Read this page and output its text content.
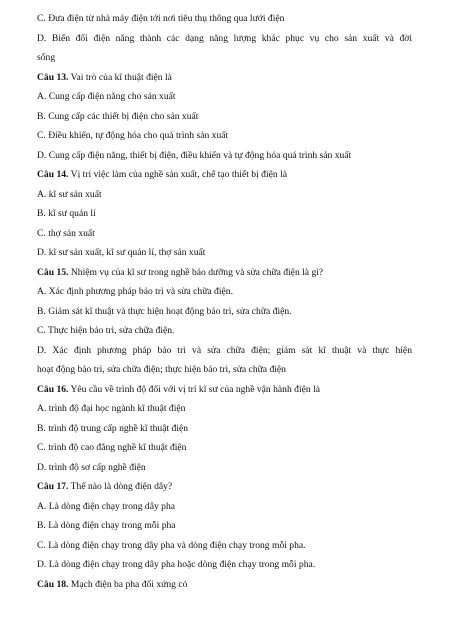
C. Đưa điện từ nhà máy điện tới nơi tiêu thụ thông qua lưới điện
D. Biến đổi điện năng thành các dạng năng lượng khác phục vụ cho sản xuất và đời
sống
Câu 13. Vai trò của kĩ thuật điện là
A. Cung cấp điện năng cho sản xuất
B. Cung cấp các thiết bị điện cho sản xuất
C. Điều khiển, tự động hóa cho quá trình sản xuất
D. Cung cấp điện năng, thiết bị điện, điều khiển và tự động hóa quá trình sản xuất
Câu 14. Vị trí việc làm của nghề sản xuất, chế tạo thiết bị điện là
A. kĩ sư sản xuất
B. kĩ sư quản lí
C. thợ sản xuất
D. kĩ sư sản xuất, kĩ sư quản lí, thợ sản xuất
Câu 15. Nhiệm vụ của kĩ sư trong nghề bảo dưỡng và sửa chữa điện là gì?
A. Xác định phương pháp bảo trì và sửa chữa điện.
B. Giám sát kĩ thuật và thực hiện hoạt động bảo trì, sửa chữa điện.
C. Thực hiện bảo trì, sửa chữa điện.
D. Xác định phương pháp bảo trì và sửa chữa điện; giám sát kĩ thuật và thực hiện
hoạt động bảo trì, sửa chữa điện; thực hiện bảo trì, sửa chữa điện
Câu 16. Yêu cầu về trình độ đối với vị trí kĩ sư của nghề vận hành điện là
A. trình độ đại học ngành kĩ thuật điện
B. trình độ trung cấp nghề kĩ thuật điện
C. trình độ cao đẳng nghề kĩ thuật điện
D. trình độ sơ cấp nghề điện
Câu 17. Thế nào là dòng điện dây?
A. Là dòng điện chạy trong dây pha
B. Là dòng điện chạy trong mỗi pha
C. Là dòng điện chạy trong dây pha và dòng điện chạy trong mỗi pha.
D. Là dòng điện chạy trong dây pha hoặc dòng điện chạy trong mỗi pha.
Câu 18. Mạch điện ba pha đối xứng có
